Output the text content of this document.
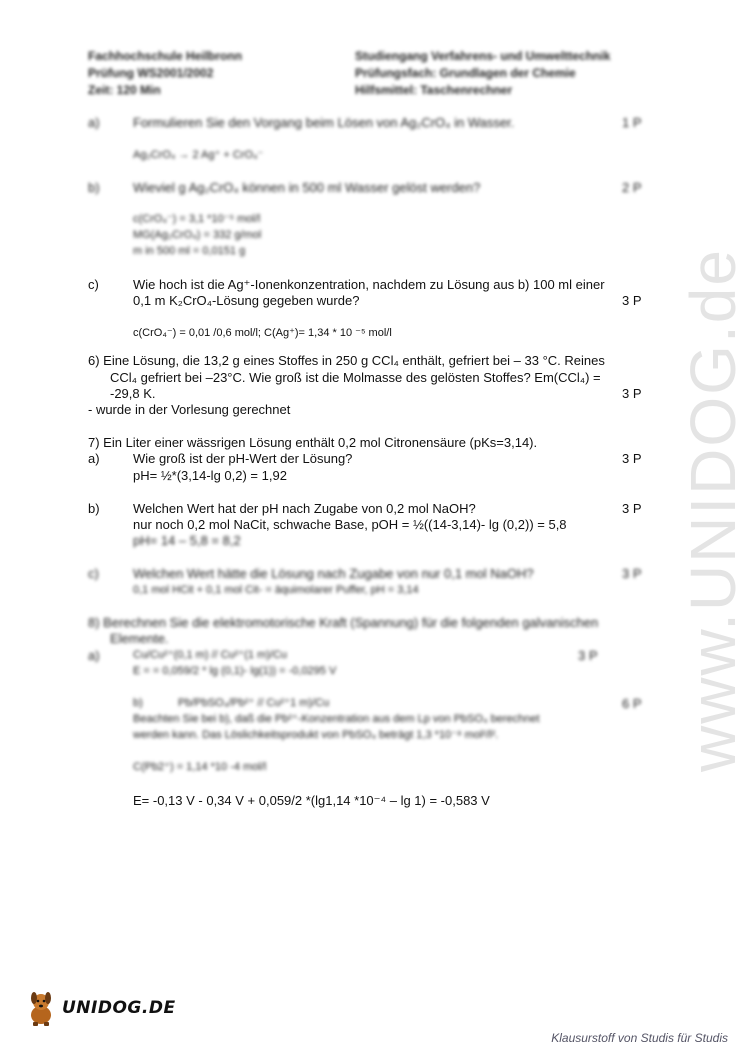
Fachhochschule Heilbronn
Prüfung WS2001/2002
Zeit: 120 Min
Studiengang Verfahrens- und Umwelttechnik
Prüfungsfach: Grundlagen der Chemie
Hilfsmittel: Taschenrechner
a)	Formulieren Sie den Vorgang beim Lösen von Ag₂CrO₄ in Wasser.	1 P
Ag₂CrO₄ → 2 Ag⁺ + CrO₄⁻
b)	Wieviel g Ag₂CrO₄ können in 500 ml Wasser gelöst werden?	2 P
c(CrO₄⁻) = 3,1 *10⁻⁵ mol/l
MG(Ag₂CrO₄) = 332 g/mol
m in 500 ml = 0,0151 g
c)	Wie hoch ist die Ag⁺-Ionenkonzentration, nachdem zu Lösung aus b) 100 ml einer
0,1 m K₂CrO₄-Lösung gegeben wurde?	3 P
c(CrO₄⁻) = 0,01 /0,6 mol/l; C(Ag⁺)= 1,34 * 10 ⁻⁵ mol/l
6) Eine Lösung, die 13,2 g eines Stoffes in 250 g CCl₄ enthält, gefriert bei – 33 °C. Reines
CCl₄ gefriert bei –23°C. Wie groß ist die Molmasse des gelösten Stoffes? Em(CCl₄) =
-29,8 K.	3 P
- wurde in der Vorlesung gerechnet
7) Ein Liter einer wässrigen Lösung enthält 0,2 mol Citronensäure (pKs=3,14).
a)	Wie groß ist der pH-Wert der Lösung?	3 P
pH= ½*(3,14-lg 0,2) = 1,92
b)	Welchen Wert hat der pH nach Zugabe von 0,2 mol NaOH?	3 P
nur noch 0,2 mol NaCit, schwache Base, pOH = ½((14-3,14)- lg (0,2)) = 5,8
pH= 14 – 5,8 = 8,2
c)	Welchen Wert hätte die Lösung nach Zugabe von nur 0,1 mol NaOH?	3 P
0,1 mol HCit + 0,1 mol Cit- = äquimolarer Puffer, pH = 3,14
8) Berechnen Sie die elektromotorische Kraft (Spannung) für die folgenden galvanischen
Elemente.
a)	Cu/Cu²⁺(0,1 m) // Cu²⁺(1 m)/Cu	3 P
E = = 0,059/2 * lg (0,1)- lg(1)) = -0,0295 V
b)	Pb/PbSO₄/Pb²⁺ // Cu²⁺1 m)/Cu	6 P
Beachten Sie bei b), daß die Pb²⁺-Konzentration aus dem Lp von PbSO₄ berechnet
werden kann. Das Löslichkeitsprodukt von PbSO₄ beträgt 1,3 *10⁻⁸ mol²/l².
C(Pb2⁺) = 1,14 *10 -4 mol/l
E= -0,13 V - 0,34 V + 0,059/2 *(lg1,14 *10⁻⁴ – lg 1) = -0,583 V
www.UNIDOG.de
UNIDOG.DE
Klausurstoff von Studis für Studis
